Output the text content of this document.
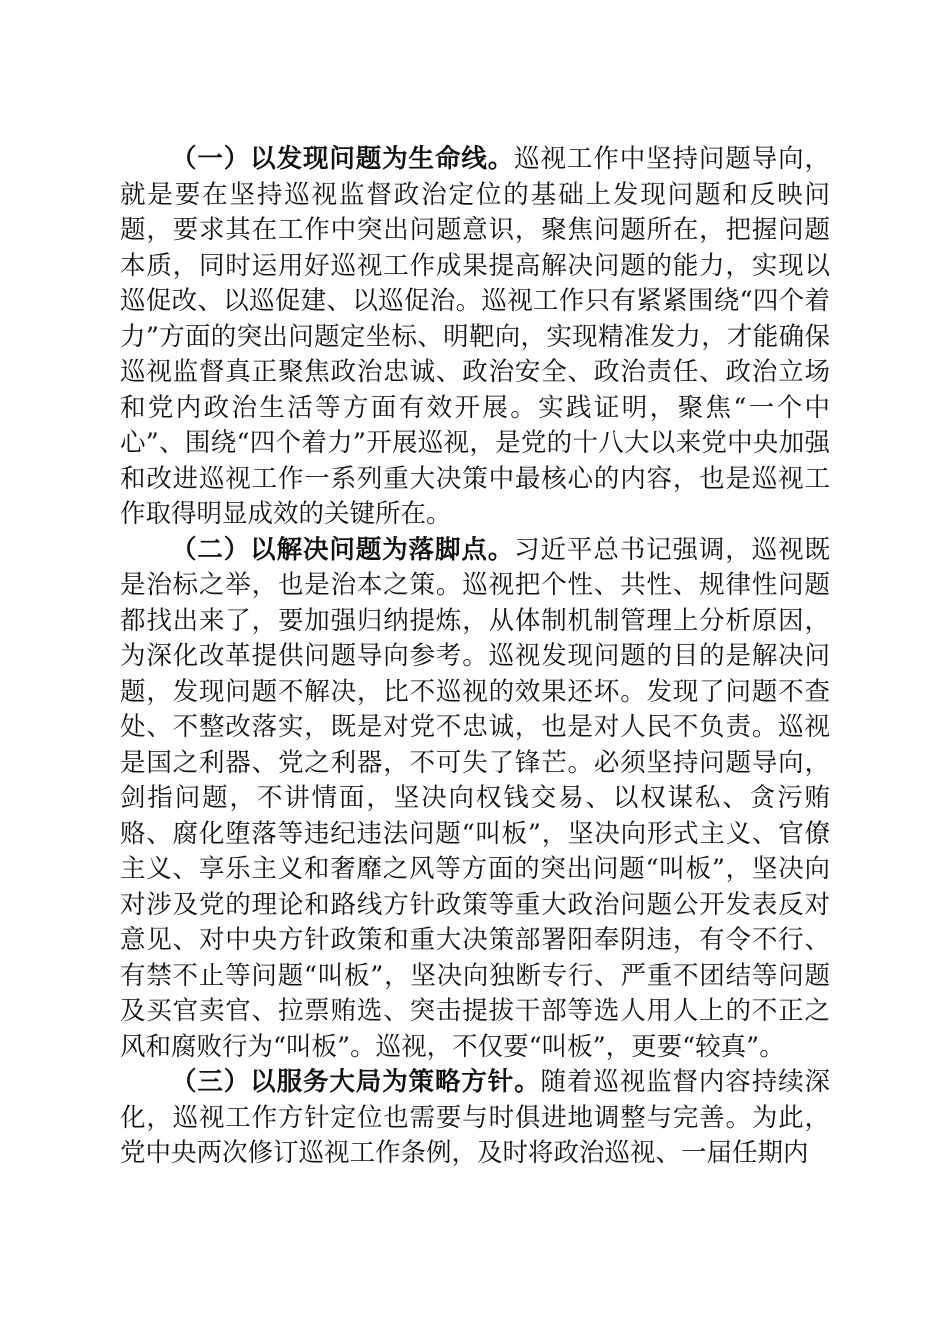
（一）以发现问题为生命线。巡视工作中坚持问题导向，就是要在坚持巡视监督政治定位的基础上发现问题和反映问题，要求其在工作中突出问题意识，聚焦问题所在，把握问题本质，同时运用好巡视工作成果提高解决问题的能力，实现以巡促改、以巡促建、以巡促治。巡视工作只有紧紧围绕“四个着力”方面的突出问题定坐标、明靶向，实现精准发力，才能确保巡视监督真正聚焦政治忠诚、政治安全、政治责任、政治立场和党内政治生活等方面有效开展。实践证明，聚焦“一个中心”、围绕“四个着力”开展巡视，是党的十八大以来党中央加强和改进巡视工作一系列重大决策中最核心的内容，也是巡视工作取得明显成效的关键所在。

（二）以解决问题为落脚点。习近平总书记强调，巡视既是治标之举，也是治本之策。巡视把个性、共性、规律性问题都找出来了，要加强归纳提炼，从体制机制管理上分析原因，为深化改革提供问题导向参考。巡视发现问题的目的是解决问题，发现问题不解决，比不巡视的效果还坏。发现了问题不查处、不整改落实，既是对党不忠诚，也是对人民不负责。巡视是国之利器、党之利器，不可失了锋芒。必须坚持问题导向，剑指问题，不讲情面，坚决向权钱交易、以权谋私、贪污贿赂、腐化堕落等违纪违法问题“叫板”，坚决向形式主义、官僚主义、享乐主义和奢靡之风等方面的突出问题“叫板”，坚决向对涉及党的理论和路线方针政策等重大政治问题公开发表反对意见、对中央方针政策和重大决策部署阳奉阴违，有令不行、有禁不止等问题“叫板”，坚决向独断专行、严重不团结等问题及买官卖官、拉票贿选、突击提拔干部等选人用人上的不正之风和腐败行为“叫板”。巡视，不仅要“叫板”，更要“较真”。

（三）以服务大局为策略方针。随着巡视监督内容持续深化，巡视工作方针定位也需要与时俱进地调整与完善。为此，党中央两次修订巡视工作条例，及时将政治巡视、一届任期内
